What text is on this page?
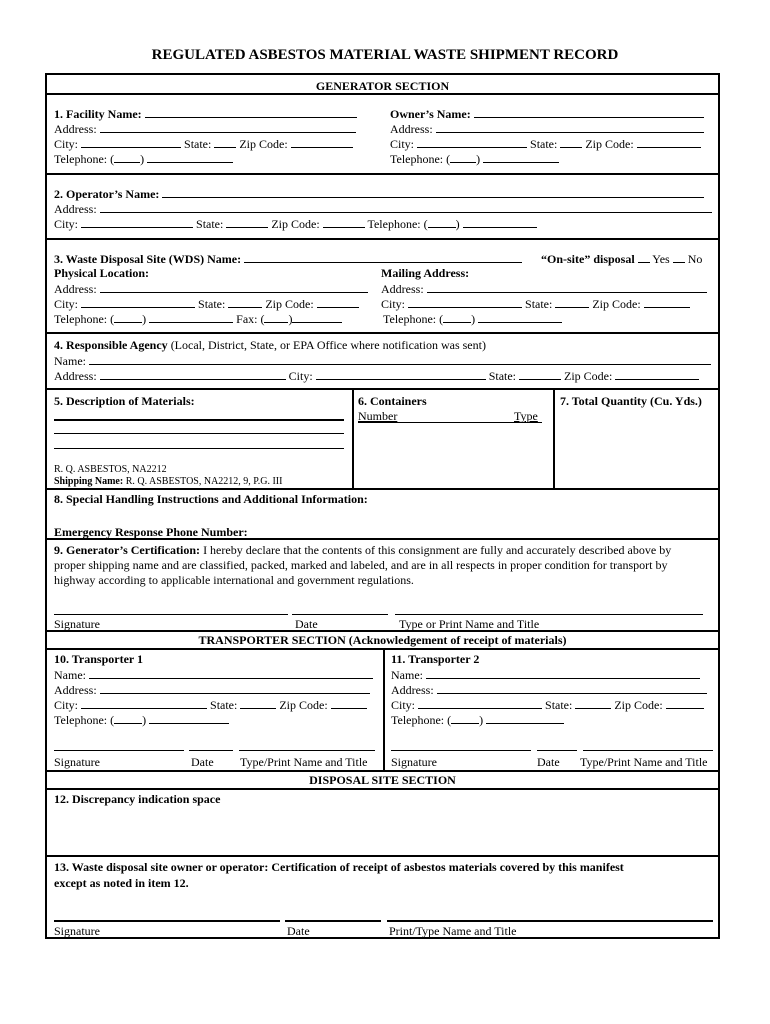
REGULATED ASBESTOS MATERIAL WASTE SHIPMENT RECORD
GENERATOR SECTION
1. Facility Name:
Address:
City:	State: Zip Code:
Telephone: ( )
Owner’s Name:
Address:
City:	State: Zip Code:
Telephone: ( )
2. Operator’s Name:
Address:
City:	State:	Zip Code:	Telephone: ( )
3. Waste Disposal Site (WDS) Name:	“On-site” disposal Yes No
Physical Location:	Mailing Address:
Address:	Address:
City:	State:	Zip Code:	City:	State:	Zip Code:
Telephone: ( )	Fax: ( )	Telephone: ( )
4. Responsible Agency (Local, District, State, or EPA Office where notification was sent)
Name:
Address:	City:	State:	Zip Code:
5. Description of Materials:
R. Q. ASBESTOS, NA2212
Shipping Name: R. Q. ASBESTOS, NA2212, 9, P.G. III
6. Containers
Number	Type
7. Total Quantity (Cu. Yds.)
8. Special Handling Instructions and Additional Information:
Emergency Response Phone Number:
9. Generator’s Certification: I hereby declare that the contents of this consignment are fully and accurately described above by
proper shipping name and are classified, packed, marked and labeled, and are in all respects in proper condition for transport by
highway according to applicable international and government regulations.
Signature	Date	Type or Print Name and Title
TRANSPORTER SECTION (Acknowledgement of receipt of materials)
10. Transporter 1
Name:
Address:
City:	State:	Zip Code:
Telephone: ( )
Signature	Date Type/Print Name and Title
11. Transporter 2
Name:
Address:
City:	State:	Zip Code:
Telephone: ( )
Signature	Date Type/Print Name and Title
DISPOSAL SITE SECTION
12. Discrepancy indication space
13. Waste disposal site owner or operator: Certification of receipt of asbestos materials covered by this manifest
except as noted in item 12.
Signature	Date	Print/Type Name and Title
